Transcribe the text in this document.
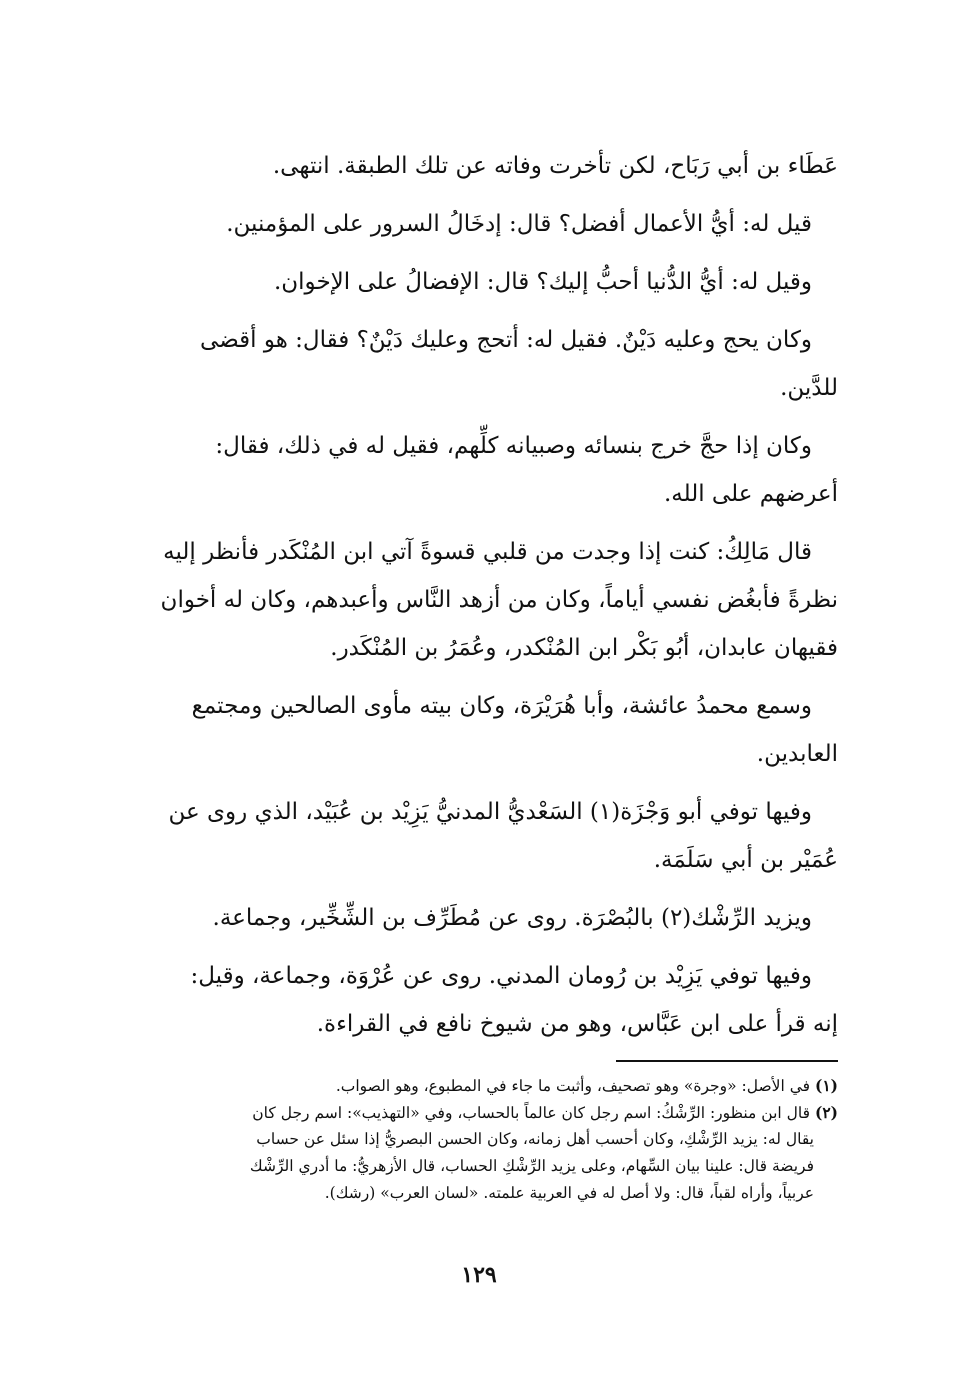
عَطَاء بن أبي رَبَاح، لكن تأخرت وفاته عن تلك الطبقة. انتهى.
قيل له: أيُّ الأعمال أفضل؟ قال: إدخَالُ السرور على المؤمنين.
وقيل له: أيُّ الدُّنيا أحبُّ إليك؟ قال: الإفضالُ على الإخوان.
وكان يحج وعليه دَيْنٌ. فقيل له: أتحج وعليك دَيْنٌ؟ فقال: هو أقضى
للدَّين.
وكان إذا حجَّ خرج بنسائه وصبيانه كلِّهم، فقيل له في ذلك، فقال:
أعرضهم على الله.
قال مَالِكُ: كنت إذا وجدت من قلبي قسوةً آتي ابن المُنْكَدر فأنظر إليه
نظرةً فأبغُض نفسي أياماً، وكان من أزهد النَّاس وأعبدهم، وكان له أخوان
فقيهان عابدان، أبُو بَكْر ابن المُنْكدر، وعُمَرُ بن المُنْكَدر.
وسمع محمدُ عائشة، وأبا هُرَيْرَة، وكان بيته مأوى الصالحين ومجتمع
العابدين.
وفيها توفي أبو وَجْزَة(١) السَعْديُّ المدنيُّ يَزِيْد بن عُبَيْد، الذي روى عن
عُمَيْر بن أبي سَلَمَة.
ويزيد الرِّشْك(٢) بالبُصْرَة. روى عن مُطَرِّف بن الشِّخِّير، وجماعة.
وفيها توفي يَزِيْد بن رُومان المدني. روى عن عُرْوَة، وجماعة، وقيل:
إنه قرأ على ابن عَبَّاس، وهو من شيوخ نافع في القراءة.
(١) في الأصل: «وجرة» وهو تصحيف، وأثبت ما جاء في المطبوع، وهو الصواب.
(٢) قال ابن منظور: الرِّشْكُ: اسم رجل كان عالماً بالحساب، وفي «التهذيب»: اسم رجل كان
يقال له: يزيد الرِّشْكِ، وكان أحسب أهل زمانه، وكان الحسن البصريُّ إذا سئل عن حساب
فريضة قال: علينا بيان السِّهام، وعلى يزيد الرِّشْكِ الحساب، قال الأزهريُّ: ما أدري الرِّشْك
عربياً، وأراه لقباً، قال: ولا أصل له في العربية علمته. «لسان العرب» (رشك).
١٢٩
